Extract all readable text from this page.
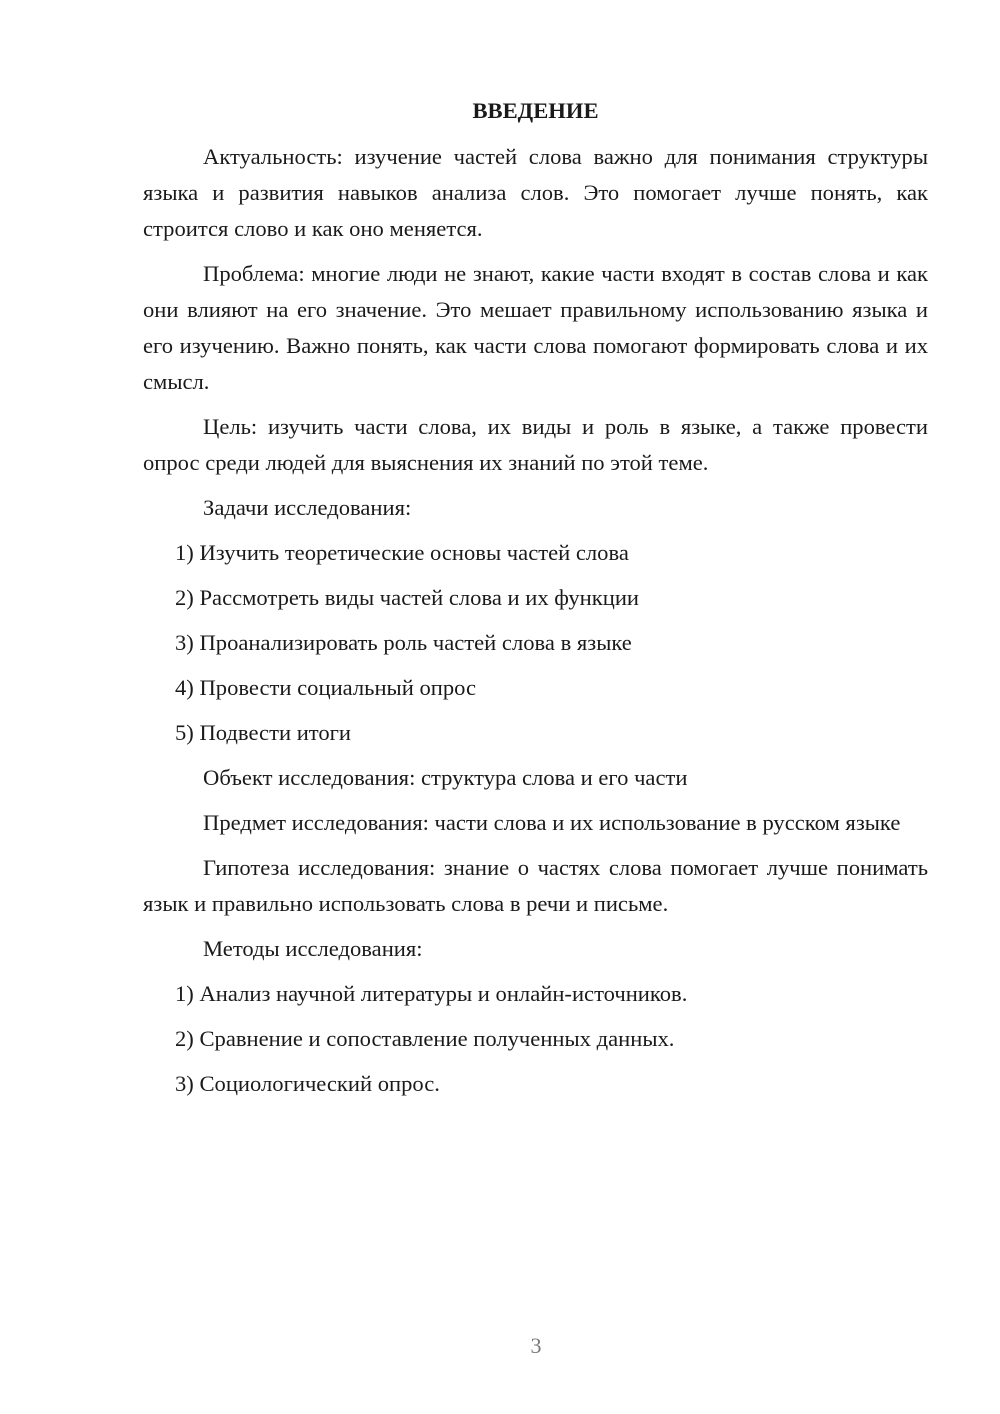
ВВЕДЕНИЕ

Актуальность: изучение частей слова важно для понимания структуры языка и развития навыков анализа слов. Это помогает лучше понять, как строится слово и как оно меняется.

Проблема: многие люди не знают, какие части входят в состав слова и как они влияют на его значение. Это мешает правильному использованию языка и его изучению. Важно понять, как части слова помогают формировать слова и их смысл.

Цель: изучить части слова, их виды и роль в языке, а также провести опрос среди людей для выяснения их знаний по этой теме.

Задачи исследования:

1) Изучить теоретические основы частей слова

2) Рассмотреть виды частей слова и их функции

3) Проанализировать роль частей слова в языке

4) Провести социальный опрос

5) Подвести итоги

Объект исследования: структура слова и его части

Предмет исследования: части слова и их использование в русском языке

Гипотеза исследования: знание о частях слова помогает лучше понимать язык и правильно использовать слова в речи и письме.

Методы исследования:

1) Анализ научной литературы и онлайн-источников.

2) Сравнение и сопоставление полученных данных.

3) Социологический опрос.

3
